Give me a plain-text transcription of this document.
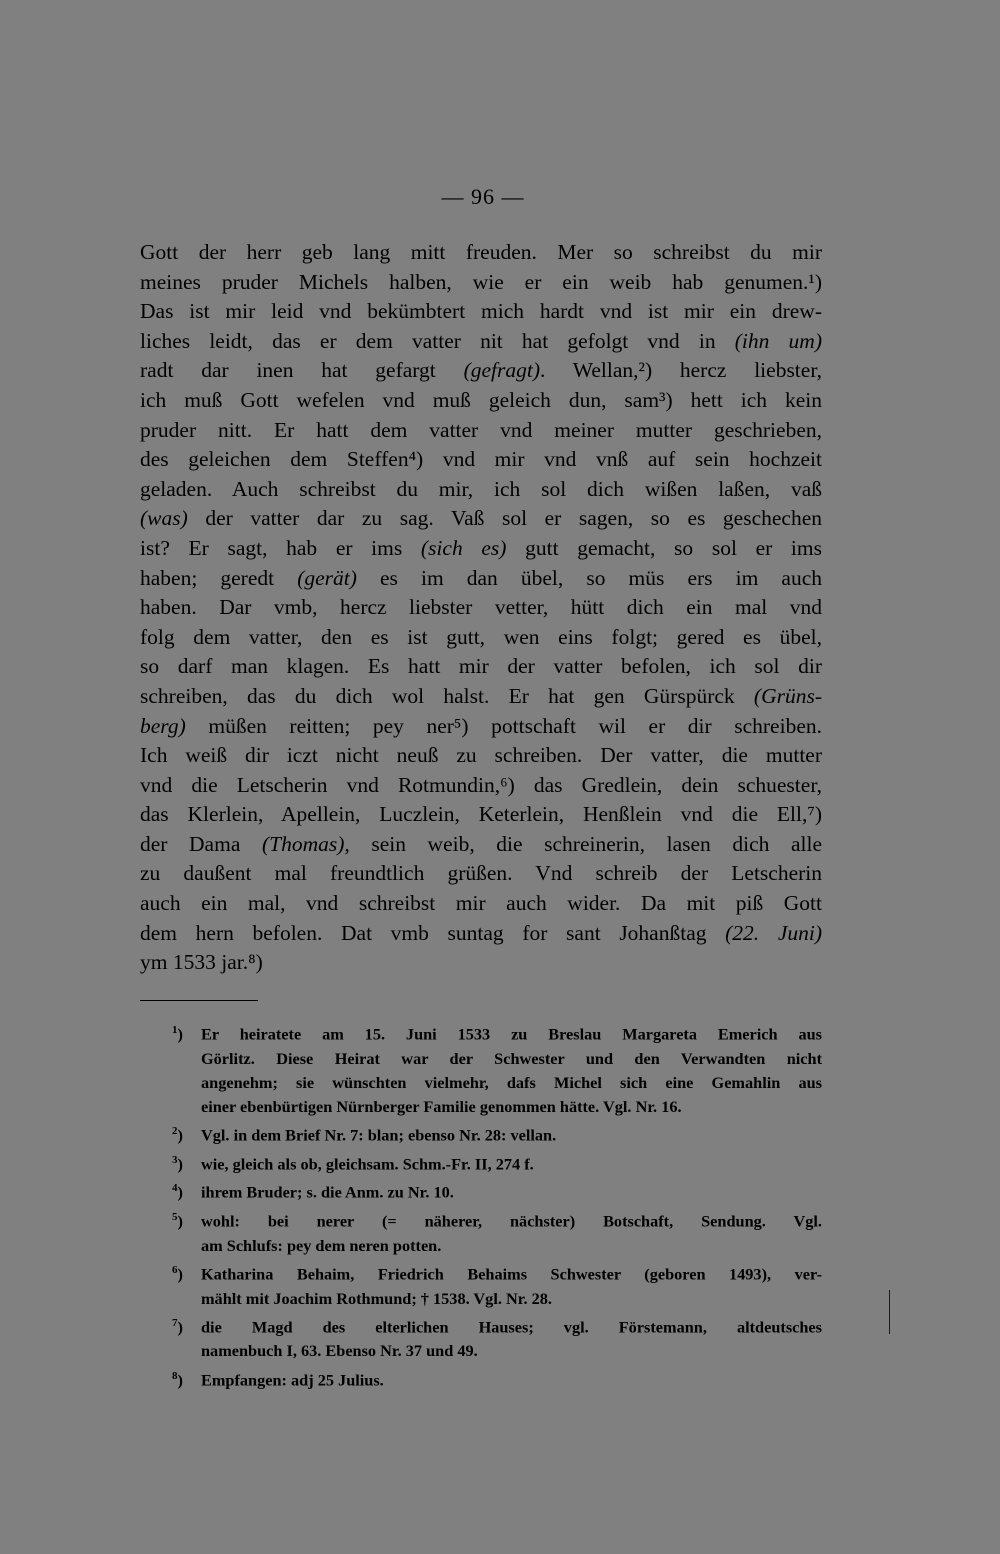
— 96 —
Gott der herr geb lang mitt freuden. Mer so schreibst du mir
meines pruder Michels halben, wie er ein weib hab genumen.¹)
Das ist mir leid vnd bekümbtert mich hardt vnd ist mir ein drew-
liches leidt, das er dem vatter nit hat gefolgt vnd in (ihn um)
radt dar inen hat gefargt (gefragt). Wellan,²) hercz liebster,
ich muß Gott wefelen vnd muß geleich dun, sam³) hett ich kein
pruder nitt. Er hatt dem vatter vnd meiner mutter geschrieben,
des geleichen dem Steffen⁴) vnd mir vnd vnß auf sein hochzeit
geladen. Auch schreibst du mir, ich sol dich wißen laßen, vaß
(was) der vatter dar zu sag. Vaß sol er sagen, so es geschechen
ist? Er sagt, hab er ims (sich es) gutt gemacht, so sol er ims
haben; geredt (gerät) es im dan übel, so müs ers im auch
haben. Dar vmb, hercz liebster vetter, hütt dich ein mal vnd
folg dem vatter, den es ist gutt, wen eins folgt; gered es übel,
so darf man klagen. Es hatt mir der vatter befolen, ich sol dir
schreiben, das du dich wol halst. Er hat gen Gürspürck (Grüns-
berg) müßen reitten; pey ner⁵) pottschaft wil er dir schreiben.
Ich weiß dir iczt nicht neuß zu schreiben. Der vatter, die mutter
vnd die Letscherin vnd Rotmundin,⁶) das Gredlein, dein schuester,
das Klerlein, Apellein, Luczlein, Keterlein, Henßlein vnd die Ell,⁷)
der Dama (Thomas), sein weib, die schreinerin, lasen dich alle
zu daußent mal freundtlich grüßen. Vnd schreib der Letscherin
auch ein mal, vnd schreibst mir auch wider. Da mit piß Gott
dem hern befolen. Dat vmb suntag for sant Johanßtag (22. Juni)
ym 1533 jar.⁸)
$^1$) Er heiratete am 15. Juni 1533 zu Breslau Margareta Emerich aus
Görlitz. Diese Heirat war der Schwester und den Verwandten nicht
angenehm; sie wünschten vielmehr, dafs Michel sich eine Gemahlin aus
einer ebenbürtigen Nürnberger Familie genommen hätte. Vgl. Nr. 16.
$^2$) Vgl. in dem Brief Nr. 7: blan; ebenso Nr. 28: vellan.
$^3$) wie, gleich als ob, gleichsam. Schm.-Fr. II, 274 f.
$^4$) ihrem Bruder; s. die Anm. zu Nr. 10.
$^5$) wohl: bei nerer (= näherer, nächster) Botschaft, Sendung. Vgl.
am Schlufs: pey dem neren potten.
$^6$) Katharina Behaim, Friedrich Behaims Schwester (geboren 1493), ver-
mählt mit Joachim Rothmund; † 1538. Vgl. Nr. 28.
$^7$) die Magd des elterlichen Hauses; vgl. Förstemann, altdeutsches
namenbuch I, 63. Ebenso Nr. 37 und 49.
$^8$) Empfangen: adj 25 Julius.
